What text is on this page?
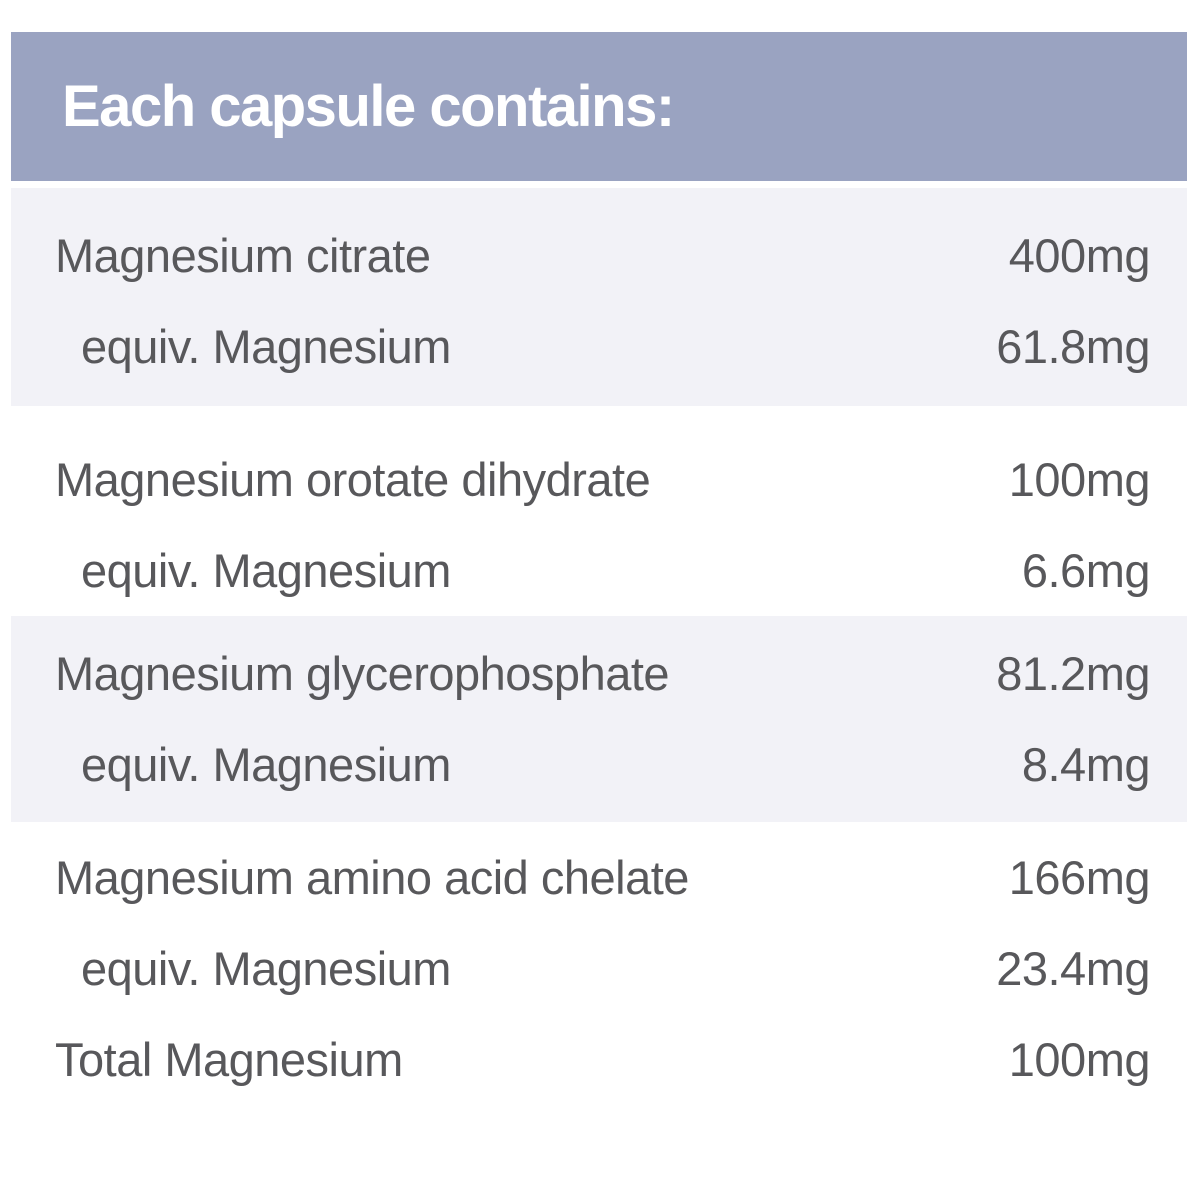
Each capsule contains:
Magnesium citrate	400mg
equiv. Magnesium	61.8mg
Magnesium orotate dihydrate	100mg
equiv. Magnesium	6.6mg
Magnesium glycerophosphate	81.2mg
equiv. Magnesium	8.4mg
Magnesium amino acid chelate	166mg
equiv. Magnesium	23.4mg
Total Magnesium	100mg
